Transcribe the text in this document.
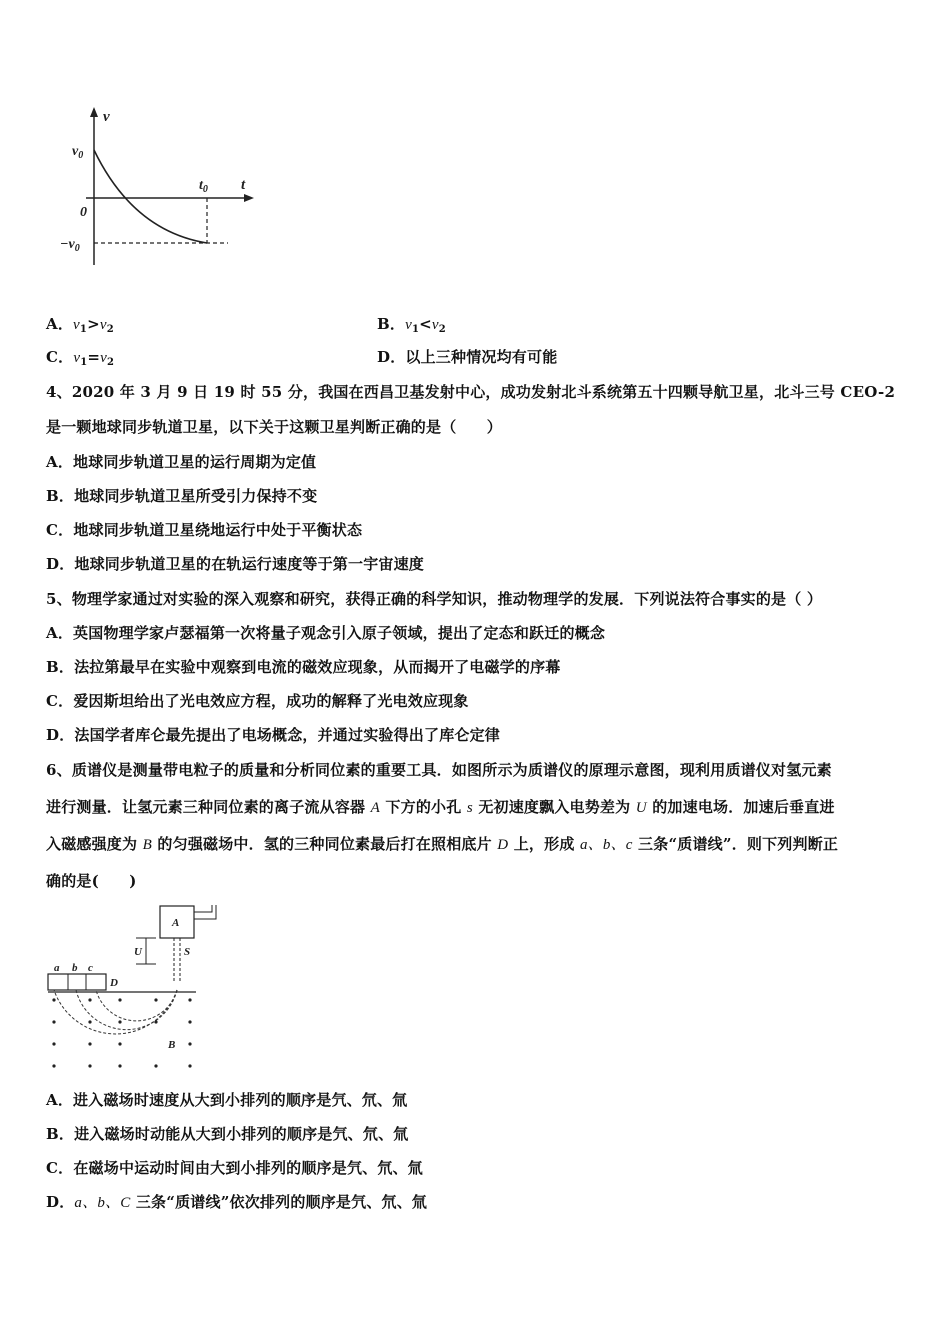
v
t
$v_0$
0
$t_0$
$-v_0$
A．$v_1>v_2$	B．$v_1<v_2$
C．$v_1=v_2$	D．以上三种情况均有可能
4、2020 年 3 月 9 日 19 时 55 分，我国在西昌卫基发射中心，成功发射北斗系统第五十四颗导航卫星，北斗三号 CEO-2
是一颗地球同步轨道卫星，以下关于这颗卫星判断正确的是（　　）
A．地球同步轨道卫星的运行周期为定值
B．地球同步轨道卫星所受引力保持不变
C．地球同步轨道卫星绕地运行中处于平衡状态
D．地球同步轨道卫星的在轨运行速度等于第一宇宙速度
5、物理学家通过对实验的深入观察和研究，获得正确的科学知识，推动物理学的发展．下列说法符合事实的是（ ）
A．英国物理学家卢瑟福第一次将量子观念引入原子领域，提出了定态和跃迁的概念
B．法拉第最早在实验中观察到电流的磁效应现象，从而揭开了电磁学的序幕
C．爱因斯坦给出了光电效应方程，成功的解释了光电效应现象
D．法国学者库仑最先提出了电场概念，并通过实验得出了库仑定律
6、质谱仪是测量带电粒子的质量和分析同位素的重要工具．如图所示为质谱仪的原理示意图，现利用质谱仪对氢元素
进行测量．让氢元素三种同位素的离子流从容器 A 下方的小孔 s 无初速度飘入电势差为 U 的加速电场．加速后垂直进
入磁感强度为 B 的匀强磁场中．氢的三种同位素最后打在照相底片 D 上，形成 a、b、c 三条“质谱线”．则下列判断正
确的是(　　)
A
U	S
a b c
D
B
A．进入磁场时速度从大到小排列的顺序是氕、氘、氚
B．进入磁场时动能从大到小排列的顺序是氕、氘、氚
C．在磁场中运动时间由大到小排列的顺序是氕、氘、氚
D．a、b、C 三条“质谱线”依次排列的顺序是氕、氘、氚
